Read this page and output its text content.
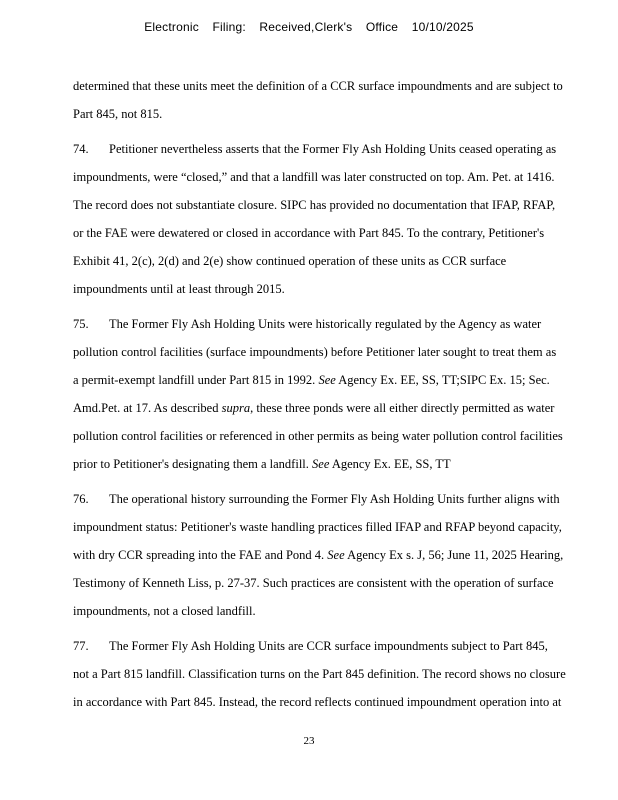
Electronic Filing: Received,Clerk's Office 10/10/2025
determined that these units meet the definition of a CCR surface impoundments and are subject to
Part 845, not 815.
74. Petitioner nevertheless asserts that the Former Fly Ash Holding Units ceased operating as
impoundments, were “closed,” and that a landfill was later constructed on top. Am. Pet. at 1416.
The record does not substantiate closure. SIPC has provided no documentation that IFAP, RFAP,
or the FAE were dewatered or closed in accordance with Part 845. To the contrary, Petitioner's
Exhibit 41, 2(c), 2(d) and 2(e) show continued operation of these units as CCR surface
impoundments until at least through 2015.
75. The Former Fly Ash Holding Units were historically regulated by the Agency as water
pollution control facilities (surface impoundments) before Petitioner later sought to treat them as
a permit-exempt landfill under Part 815 in 1992. See Agency Ex. EE, SS, TT;SIPC Ex. 15; Sec.
Amd.Pet. at 17. As described supra, these three ponds were all either directly permitted as water
pollution control facilities or referenced in other permits as being water pollution control facilities
prior to Petitioner's designating them a landfill. See Agency Ex. EE, SS, TT
76. The operational history surrounding the Former Fly Ash Holding Units further aligns with
impoundment status: Petitioner's waste handling practices filled IFAP and RFAP beyond capacity,
with dry CCR spreading into the FAE and Pond 4. See Agency Ex s. J, 56; June 11, 2025 Hearing,
Testimony of Kenneth Liss, p. 27-37. Such practices are consistent with the operation of surface
impoundments, not a closed landfill.
77. The Former Fly Ash Holding Units are CCR surface impoundments subject to Part 845,
not a Part 815 landfill. Classification turns on the Part 845 definition. The record shows no closure
in accordance with Part 845. Instead, the record reflects continued impoundment operation into at
23
